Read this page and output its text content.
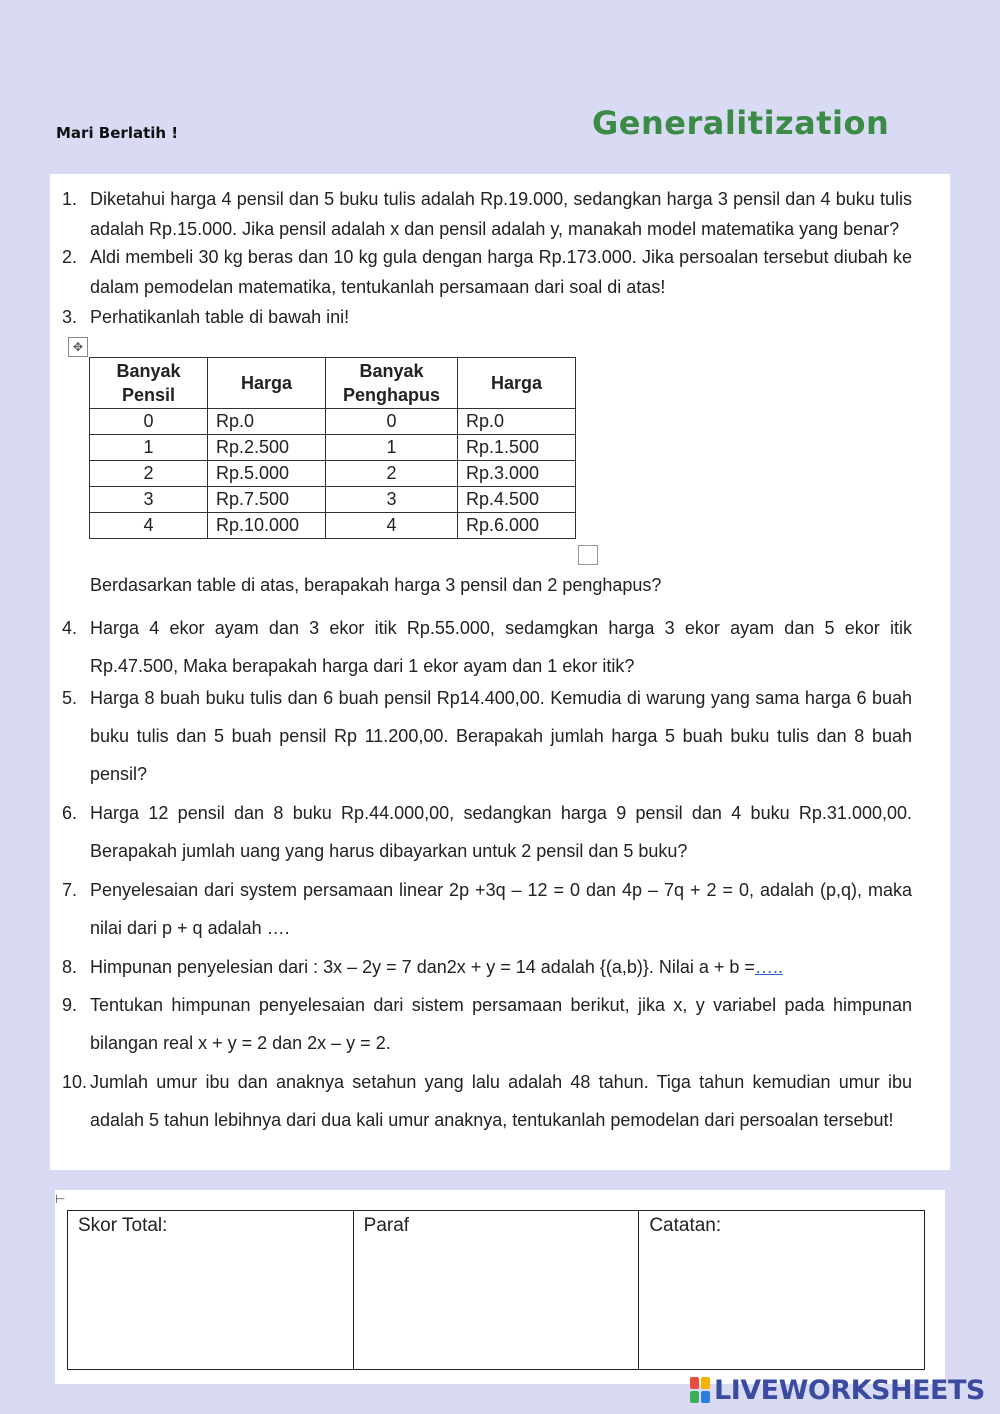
Mari Berlatih !	Generalitization
1. Diketahui harga 4 pensil dan 5 buku tulis adalah Rp.19.000, sedangkan harga 3 pensil dan 4 buku tulis adalah Rp.15.000. Jika pensil adalah x dan pensil adalah y, manakah model matematika yang benar?
2. Aldi membeli 30 kg beras dan 10 kg gula dengan harga Rp.173.000. Jika persoalan tersebut diubah ke dalam pemodelan matematika, tentukanlah persamaan dari soal di atas!
3. Perhatikanlah table di bawah ini!
✥
Banyak Pensil	Harga	Banyak Penghapus	Harga
0	Rp.0	0	Rp.0
1	Rp.2.500	1	Rp.1.500
2	Rp.5.000	2	Rp.3.000
3	Rp.7.500	3	Rp.4.500
4	Rp.10.000	4	Rp.6.000
Berdasarkan table di atas, berapakah harga 3 pensil dan 2 penghapus?
4. Harga 4 ekor ayam dan 3 ekor itik Rp.55.000, sedamgkan harga 3 ekor ayam dan 5 ekor itik Rp.47.500, Maka berapakah harga dari 1 ekor ayam dan 1 ekor itik?
5. Harga 8 buah buku tulis dan 6 buah pensil Rp14.400,00. Kemudia di warung yang sama harga 6 buah buku tulis dan 5 buah pensil Rp 11.200,00. Berapakah jumlah harga 5 buah buku tulis dan 8 buah pensil?
6. Harga 12 pensil dan 8 buku Rp.44.000,00, sedangkan harga 9 pensil dan 4 buku Rp.31.000,00. Berapakah jumlah uang yang harus dibayarkan untuk 2 pensil dan 5 buku?
7. Penyelesaian dari system persamaan linear 2p +3q – 12 = 0 dan 4p – 7q + 2 = 0, adalah (p,q), maka nilai dari p + q adalah ….
8. Himpunan penyelesian dari : 3x – 2y = 7 dan2x + y = 14 adalah {(a,b)}. Nilai a + b =…..
9. Tentukan himpunan penyelesaian dari sistem persamaan berikut, jika x, y variabel pada himpunan bilangan real x + y = 2 dan 2x – y = 2.
10. Jumlah umur ibu dan anaknya setahun yang lalu adalah 48 tahun. Tiga tahun kemudian umur ibu adalah 5 tahun lebihnya dari dua kali umur anaknya, tentukanlah pemodelan dari persoalan tersebut!
⊢
Skor Total:	Paraf	Catatan:
LIVEWORKSHEETS
